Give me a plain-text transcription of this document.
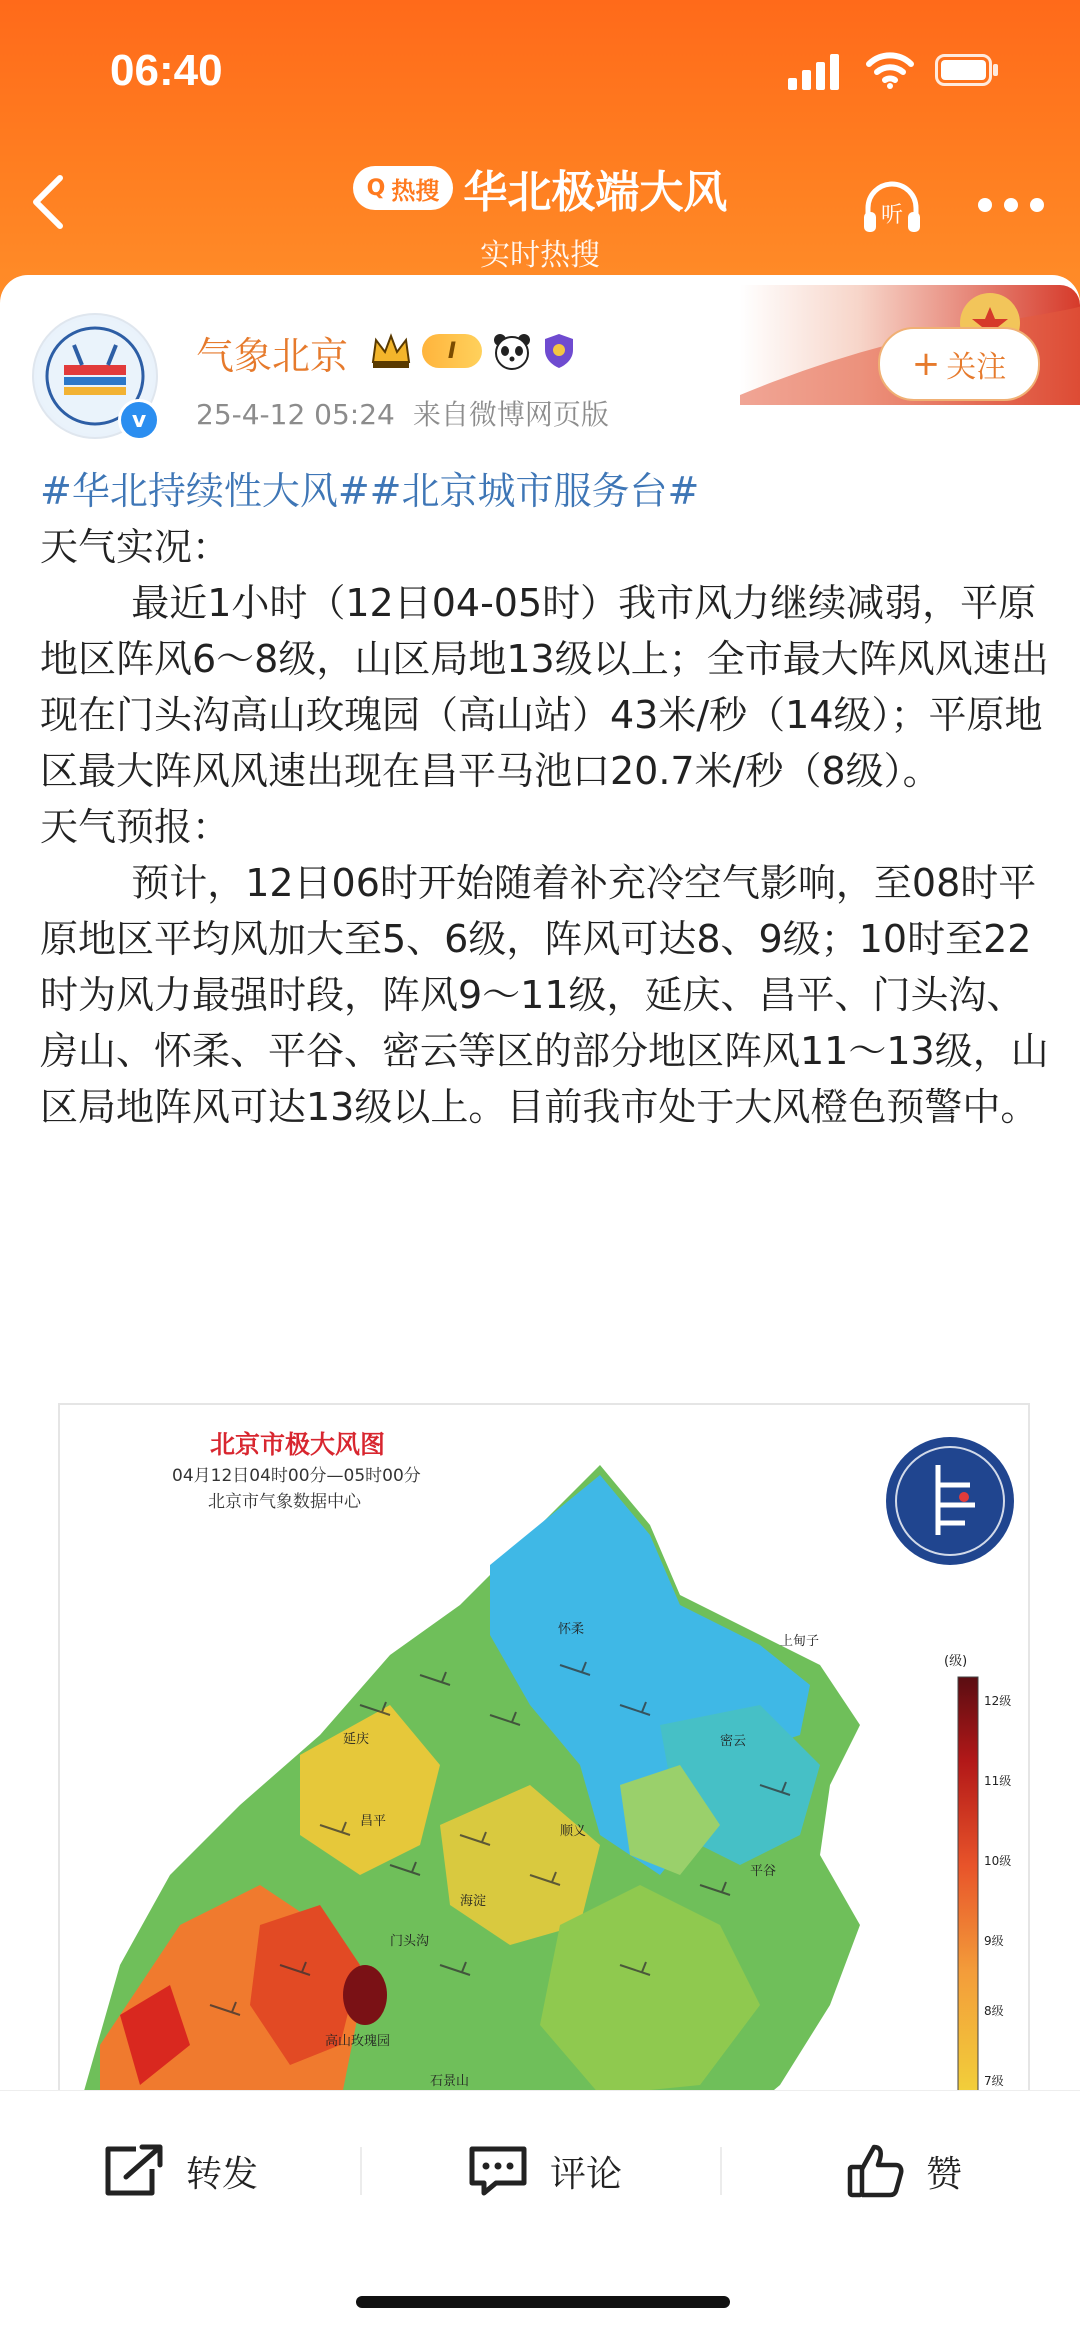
06:40
Q 热搜 华北极端大风
实时热搜
听
v
气象北京	I
25-4-12 05:24 来自微博网页版
+ 关注

#华北持续性大风##北京城市服务台#

天气实况：

最近1小时（12日04-05时）我市风力继续减弱，平原地区阵风6～8级，山区局地13级以上；全市最大阵风风速出现在门头沟高山玫瑰园（高山站）43米/秒（14级）；平原地区最大阵风风速出现在昌平马池口20.7米/秒（8级）。

天气预报：

预计，12日06时开始随着补充冷空气影响，至08时平原地区平均风加大至5、6级，阵风可达8、9级；10时至22时为风力最强时段，阵风9～11级，延庆、昌平、门头沟、房山、怀柔、平谷、密云等区的部分地区阵风11～13级，山区局地阵风可达13级以上。目前我市处于大风橙色预警中。

延庆
怀柔
密云
上甸子
平谷
顺义
昌平
海淀
门头沟
石景山
高山玫瑰园
(级)
12级
11级
10级
9级
8级
7级
北京市极大风图
04月12日04时00分—05时00分
北京市气象数据中心
转发	评论	赞
